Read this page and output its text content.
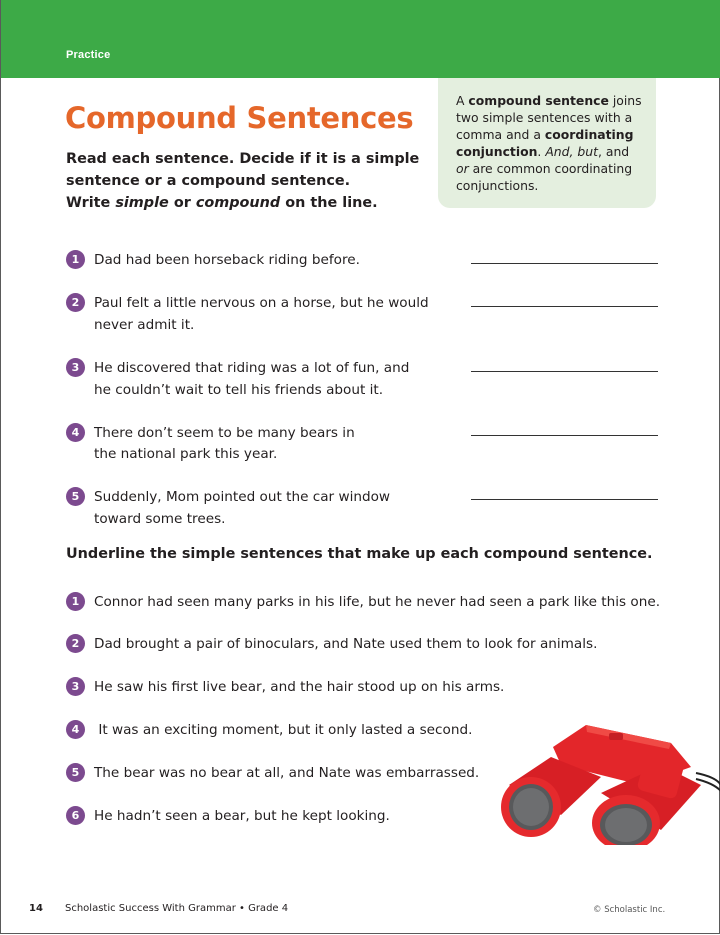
Practice
Compound Sentences
Read each sentence. Decide if it is a simple
sentence or a compound sentence.
Write simple or compound on the line.
A compound sentence joins two simple sentences with a comma and a coordinating conjunction. And, but, and or are common coordinating conjunctions.
1	Dad had been horseback riding before.
2	Paul felt a little nervous on a horse, but he would
never admit it.
3	He discovered that riding was a lot of fun, and
he couldn’t wait to tell his friends about it.
4	There don’t seem to be many bears in
the national park this year.
5	Suddenly, Mom pointed out the car window
toward some trees.
Underline the simple sentences that make up each compound sentence.
1	Connor had seen many parks in his life, but he never had seen a park like this one.
2	Dad brought a pair of binoculars, and Nate used them to look for animals.
3	He saw his first live bear, and the hair stood up on his arms.
4	It was an exciting moment, but it only lasted a second.
5	The bear was no bear at all, and Nate was embarrassed.
6	He hadn’t seen a bear, but he kept looking.
14 Scholastic Success With Grammar • Grade 4	© Scholastic Inc.
